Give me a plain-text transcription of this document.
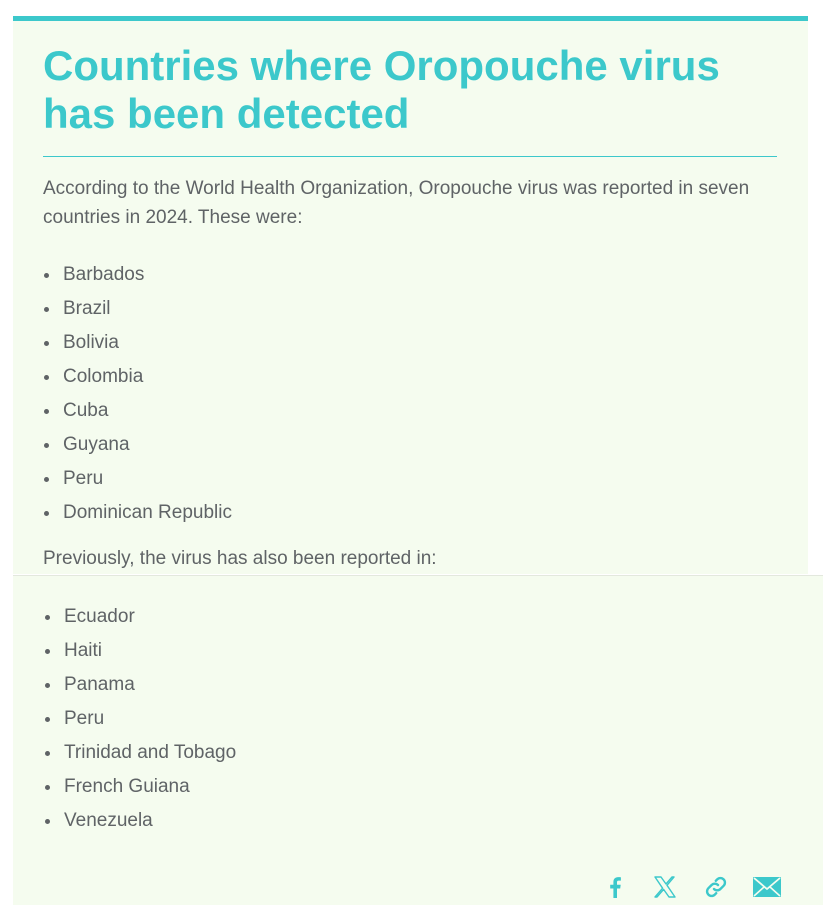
Countries where Oropouche virus has been detected

According to the World Health Organization, Oropouche virus was reported in seven countries in 2024. These were:

Barbados
Brazil
Bolivia
Colombia
Cuba
Guyana
Peru
Dominican Republic

Previously, the virus has also been reported in:

Ecuador
Haiti
Panama
Peru
Trinidad and Tobago
French Guiana
Venezuela
